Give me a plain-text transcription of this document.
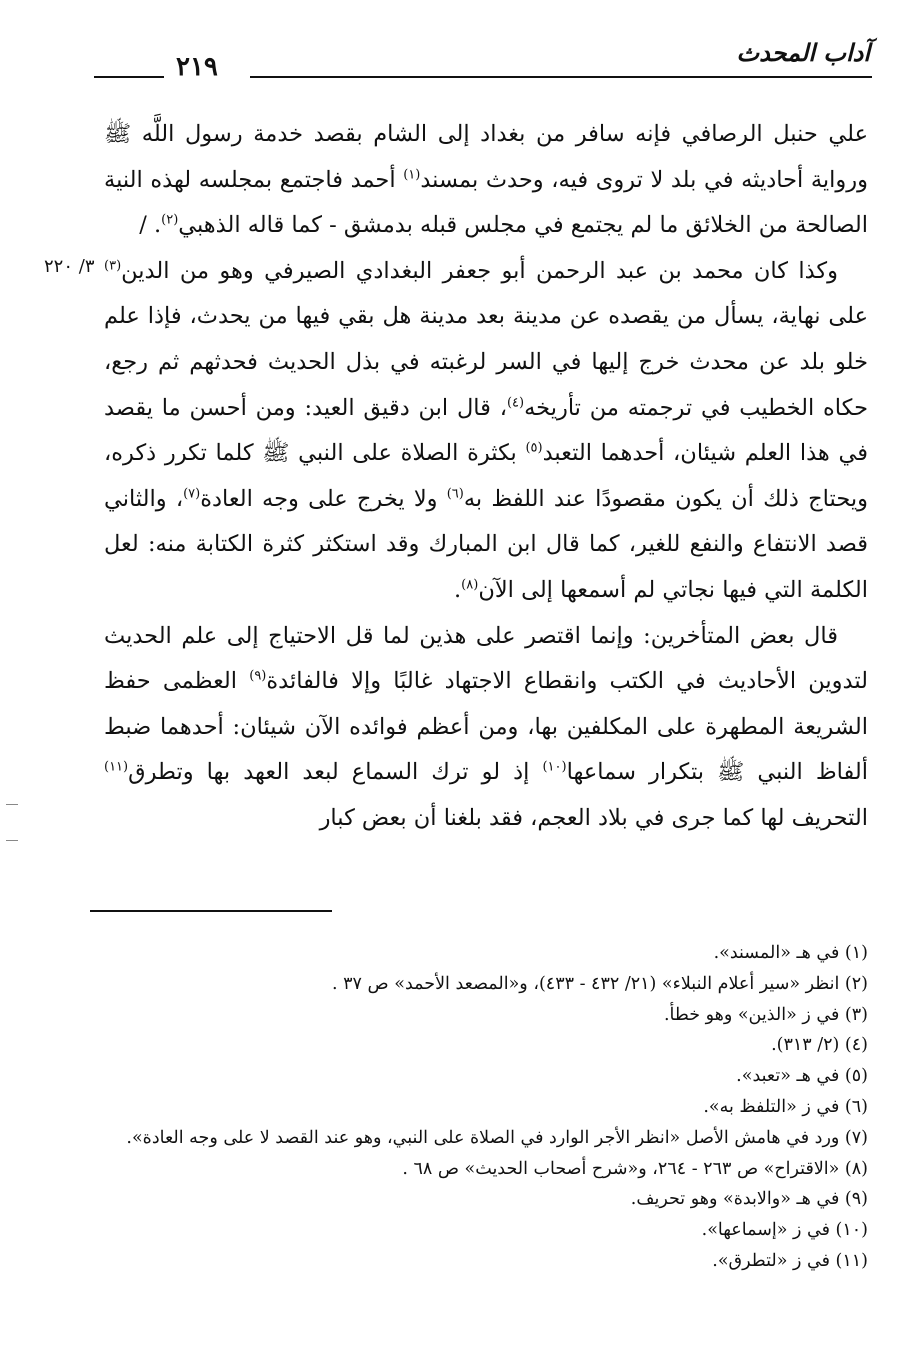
آداب المحدث
٢١٩
٣/ ٢٢٠

علي حنبل الرصافي فإنه سافر من بغداد إلى الشام بقصد خدمة رسول اللَّه ﷺ ورواية أحاديثه في بلد لا تروى فيه، وحدث بمسند$^{(١)}$ أحمد فاجتمع بمجلسه لهذه النية الصالحة من الخلائق ما لم يجتمع في مجلس قبله بدمشق - كما قاله الذهبي$^{(٢)}$. /

وكذا كان محمد بن عبد الرحمن أبو جعفر البغدادي الصيرفي وهو من الدين$^{(٣)}$ على نهاية، يسأل من يقصده عن مدينة بعد مدينة هل بقي فيها من يحدث، فإذا علم خلو بلد عن محدث خرج إليها في السر لرغبته في بذل الحديث فحدثهم ثم رجع، حكاه الخطيب في ترجمته من تأريخه$^{(٤)}$، قال ابن دقيق العيد: ومن أحسن ما يقصد في هذا العلم شيئان، أحدهما التعبد$^{(٥)}$ بكثرة الصلاة على النبي ﷺ كلما تكرر ذكره، ويحتاج ذلك أن يكون مقصودًا عند اللفظ به$^{(٦)}$ ولا يخرج على وجه العادة$^{(٧)}$، والثاني قصد الانتفاع والنفع للغير، كما قال ابن المبارك وقد استكثر كثرة الكتابة منه: لعل الكلمة التي فيها نجاتي لم أسمعها إلى الآن$^{(٨)}$.

قال بعض المتأخرين: وإنما اقتصر على هذين لما قل الاحتياج إلى علم الحديث لتدوين الأحاديث في الكتب وانقطاع الاجتهاد غالبًا وإلا فالفائدة$^{(٩)}$ العظمى حفظ الشريعة المطهرة على المكلفين بها، ومن أعظم فوائده الآن شيئان: أحدهما ضبط ألفاظ النبي ﷺ بتكرار سماعها$^{(١٠)}$ إذ لو ترك السماع لبعد العهد بها وتطرق$^{(١١)}$ التحريف لها كما جرى في بلاد العجم، فقد بلغنا أن بعض كبار

(١) في هـ «المسند».
(٢) انظر «سير أعلام النبلاء» (٢١/ ٤٣٢ - ٤٣٣)، و«المصعد الأحمد» ص ٣٧ .
(٣) في ز «الذين» وهو خطأ.
(٤) (٢/ ٣١٣).
(٥) في هـ «تعبد».
(٦) في ز «التلفظ به».
(٧) ورد في هامش الأصل «انظر الأجر الوارد في الصلاة على النبي، وهو عند القصد لا على وجه العادة».
(٨) «الاقتراح» ص ٢٦٣ - ٢٦٤، و«شرح أصحاب الحديث» ص ٦٨ .
(٩) في هـ «والابدة» وهو تحريف.
(١٠) في ز «إسماعها».
(١١) في ز «لتطرق».
